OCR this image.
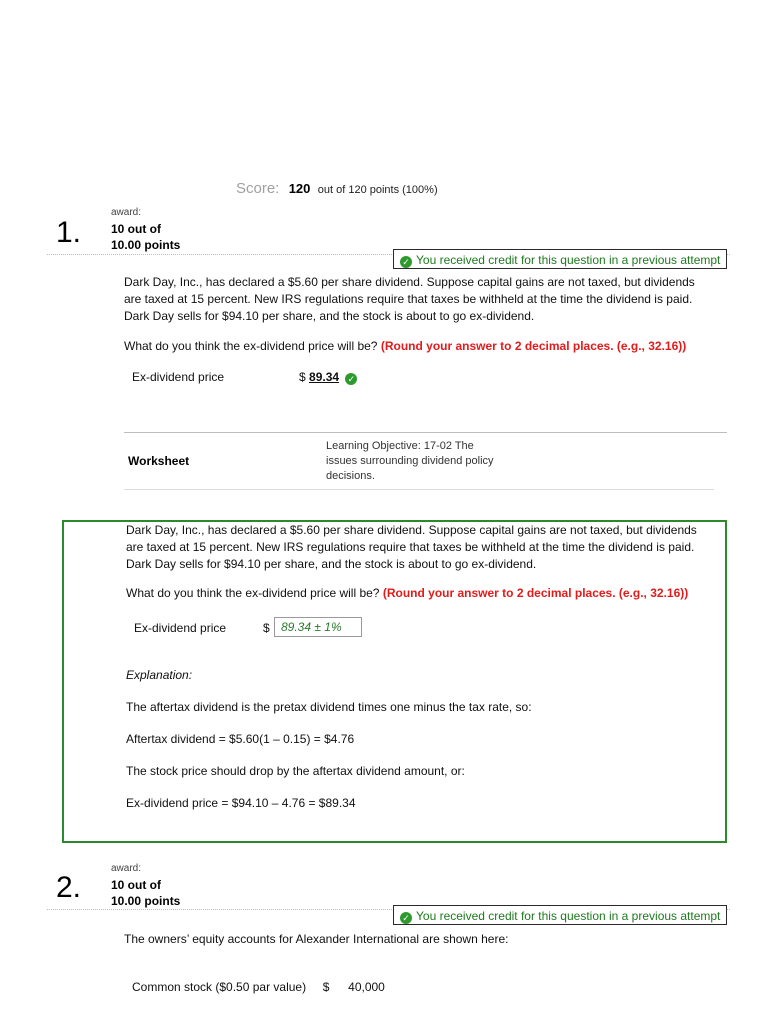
Score: 120 out of 120 points (100%)
1.
award:
10 out of
10.00 points
✓ You received credit for this question in a previous attempt
Dark Day, Inc., has declared a $5.60 per share dividend. Suppose capital gains are not taxed, but dividends
are taxed at 15 percent. New IRS regulations require that taxes be withheld at the time the dividend is paid.
Dark Day sells for $94.10 per share, and the stock is about to go ex-dividend.
What do you think the ex-dividend price will be? (Round your answer to 2 decimal places. (e.g., 32.16))
Ex-dividend price	$ 89.34 ✓
Worksheet
Learning Objective: 17-02 The
issues surrounding dividend policy
decisions.
Dark Day, Inc., has declared a $5.60 per share dividend. Suppose capital gains are not taxed, but dividends
are taxed at 15 percent. New IRS regulations require that taxes be withheld at the time the dividend is paid.
Dark Day sells for $94.10 per share, and the stock is about to go ex-dividend.
What do you think the ex-dividend price will be? (Round your answer to 2 decimal places. (e.g., 32.16))
Ex-dividend price	$ 89.34 ± 1%
Explanation:
The aftertax dividend is the pretax dividend times one minus the tax rate, so:
Aftertax dividend = $5.60(1 – 0.15) = $4.76
The stock price should drop by the aftertax dividend amount, or:
Ex-dividend price = $94.10 – 4.76 = $89.34
2.
award:
10 out of
10.00 points
✓ You received credit for this question in a previous attempt
The owners’ equity accounts for Alexander International are shown here:
Common stock ($0.50 par value) $ 40,000
